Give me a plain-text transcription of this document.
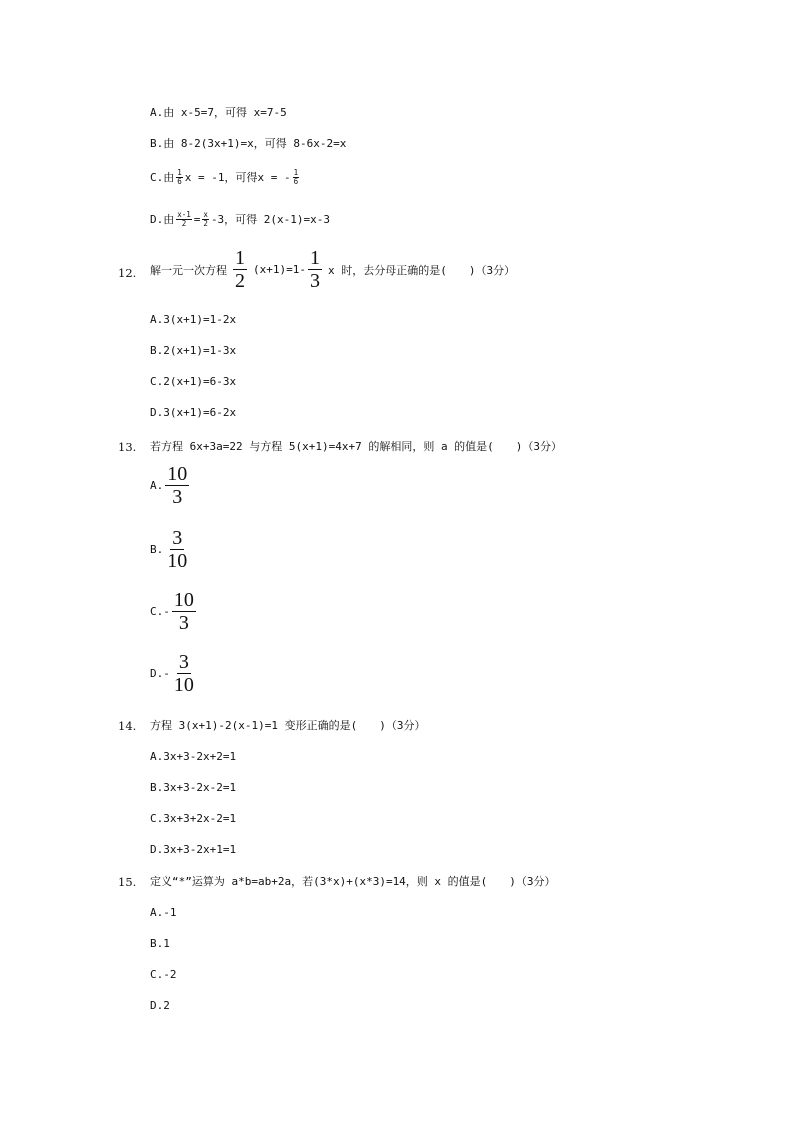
A.由 x-5=7，可得 x=7-5
B.由 8-2(3x+1)=x，可得 8-6x-2=x
C.由 $\frac{1}{6}$ x = -1，可得x = - $\frac{1}{6}$
D.由 $\frac{x-1}{2} = \frac{x}{2} -3$，可得 2(x-1)=x-3
12. 解一元一次方程 $\frac{1}{2} (x+1)=1- \frac{1}{3}$ x 时，去分母正确的是(　　)（3分）
A.3(x+1)=1-2x
B.2(x+1)=1-3x
C.2(x+1)=6-3x
D.3(x+1)=6-2x
13. 若方程 6x+3a=22 与方程 5(x+1)=4x+7 的解相同，则 a 的值是(　　)（3分）
A. $\frac{10}{3}$
B. $\frac{3}{10}$
$C.- \frac{10}{3}$
$D.- \frac{3}{10}$
14. 方程 3(x+1)-2(x-1)=1 变形正确的是(　　)（3分）
A.3x+3-2x+2=1
B.3x+3-2x-2=1
C.3x+3+2x-2=1
D.3x+3-2x+1=1
15. 定义“*”运算为 a*b=ab+2a，若(3*x)+(x*3)=14，则 x 的值是(　　)（3分）
A.-1
B.1
C.-2
D.2
